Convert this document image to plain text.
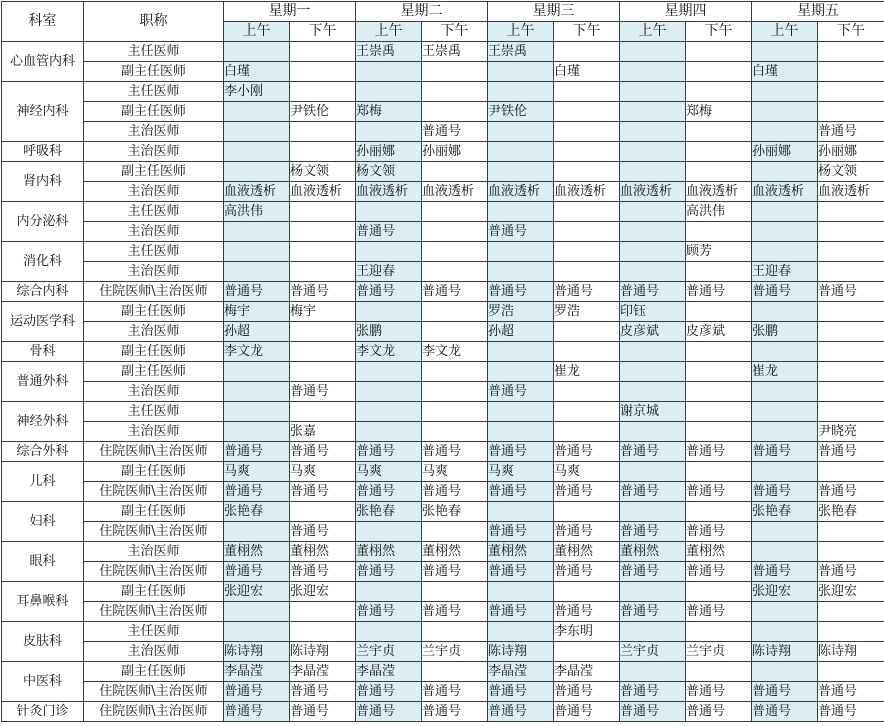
科室	职称	星期一		星期二		星期三		星期四		星期五	
		上午	下午	上午	下午	上午	下午	上午	下午	上午	下午
心血管内科	主任医师			王崇禹	王崇禹	王崇禹					
	副主任医师	白瑾					白瑾			白瑾	
神经内科	主任医师	李小刚									
	副主任医师		尹铁伦	郑梅		尹铁伦			郑梅		
	主治医师				普通号						普通号
呼吸科	主治医师			孙丽娜	孙丽娜					孙丽娜	孙丽娜
肾内科	副主任医师		杨文领	杨文领							杨文领
	主治医师	血液透析	血液透析	血液透析	血液透析	血液透析	血液透析	血液透析	血液透析	血液透析	血液透析
内分泌科	主任医师	高洪伟							高洪伟		
	主治医师			普通号		普通号					
消化科	主任医师								顾芳		
	主治医师			王迎春						王迎春	
综合内科	住院医师\主治医师	普通号	普通号	普通号	普通号	普通号	普通号	普通号	普通号	普通号	普通号
运动医学科	副主任医师	梅宇	梅宇			罗浩	罗浩	印钰			
	主治医师	孙超		张鹏		孙超		皮彦斌	皮彦斌	张鹏	
骨科	副主任医师	李文龙		李文龙	李文龙						
普通外科	副主任医师						崔龙			崔龙	
	主治医师		普通号			普通号					
神经外科	主任医师							谢京城			
	主治医师		张嘉								尹晓亮
综合外科	住院医师\主治医师	普通号	普通号	普通号	普通号	普通号	普通号	普通号	普通号	普通号	普通号
儿科	副主任医师	马爽	马爽	马爽	马爽	马爽	马爽				
	住院医师\主治医师	普通号	普通号	普通号	普通号	普通号	普通号	普通号	普通号	普通号	普通号
妇科	副主任医师	张艳春		张艳春	张艳春					张艳春	张艳春
	住院医师\主治医师		普通号			普通号	普通号	普通号	普通号		
眼科	主治医师	董栩然	董栩然	董栩然	董栩然	董栩然	董栩然	董栩然	董栩然		
	住院医师\主治医师	普通号	普通号	普通号	普通号	普通号	普通号	普通号	普通号	普通号	普通号
耳鼻喉科	副主任医师	张迎宏	张迎宏							张迎宏	张迎宏
	住院医师\主治医师			普通号	普通号	普通号	普通号	普通号	普通号		
皮肤科	主任医师						李东明				
	主治医师	陈诗翔	陈诗翔	兰宇贞	兰宇贞	陈诗翔		兰宇贞	兰宇贞	陈诗翔	陈诗翔
中医科	副主任医师	李晶滢	李晶滢	李晶滢		李晶滢	李晶滢				
	住院医师\主治医师	普通号	普通号	普通号	普通号	普通号	普通号	普通号	普通号	普通号	普通号
针灸门诊	住院医师\主治医师	普通号	普通号	普通号	普通号	普通号	普通号	普通号	普通号	普通号	普通号
